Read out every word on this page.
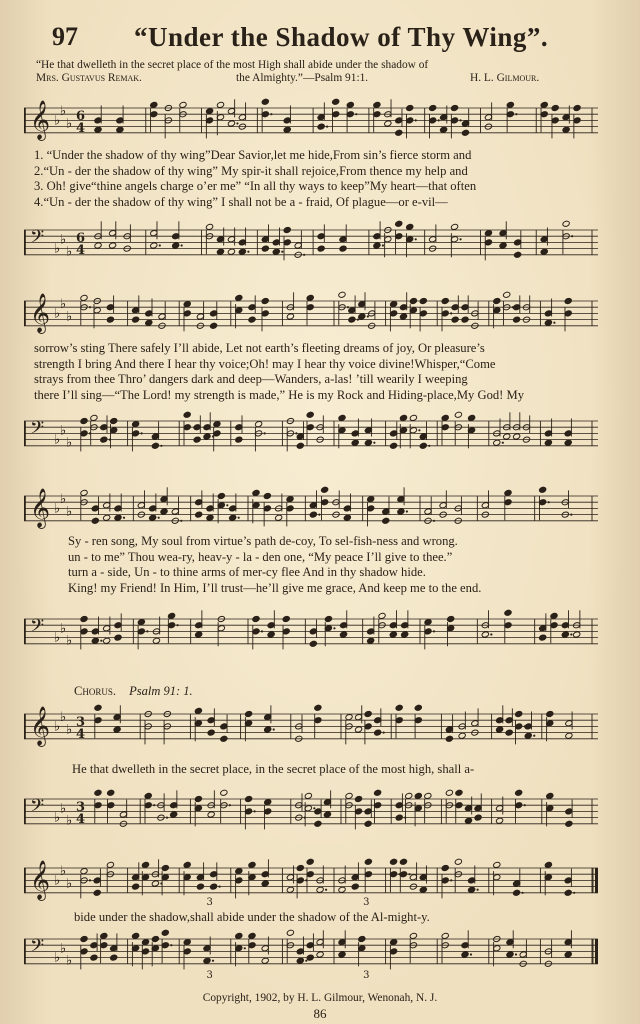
97 “Under the Shadow of Thy Wing”.
“He that dwelleth in the secret place of the most High shall abide under the shadow of
Mrs. Gustavus Remak.	the Almighty.”—Psalm 91:1.	H. L. Gilmour.
𝄞 ♭
♭
♭
6
4
1. “Under the shadow of thy wing”Dear Savior,let me hide,From sin’s fierce storm and
2.“Un - der the shadow of thy wing” My spir-it shall rejoice,From thence my help and
3. Oh! give“thine angels charge o’er me” “In all thy ways to keep”My heart—that often
4.“Un - der the shadow of thy wing” I shall not be a - fraid, Of plague—or e-vil—
𝄢 ♭
♭
♭
6
4
𝄞 ♭
♭
♭
sorrow’s sting There safely I’ll abide, Let not earth’s fleeting dreams of joy, Or pleasure’s
strength I bring And there I hear thy voice;Oh! may I hear thy voice divine!Whisper,“Come
strays from thee Thro’ dangers dark and deep—Wanders, a-las! ’till wearily I weeping
there I’ll sing—“The Lord! my strength is made,” He is my Rock and Hiding-place,My God! My
𝄢 ♭
♭
♭
𝄞 ♭
♭
♭
Sy - ren song, My soul from virtue’s path de-coy, To sel-fish-ness and wrong.
un - to me” Thou wea-ry, heav-y - la - den one, “My peace I’ll give to thee.”
turn a - side, Un - to thine arms of mer-cy flee And in thy shadow hide.
King! my Friend! In Him, I’ll trust—he’ll give me grace, And keep me to the end.
𝄢 ♭
♭
♭
Chorus. Psalm 91: 1.
𝄞 ♭
♭
♭
3
4
He that dwelleth in the secret place, in the secret place of the most high, shall a-
𝄢 ♭
♭
♭
3
4
𝄞 ♭
♭
♭
3	3
bide under the shadow,shall abide under the shadow of the Al-might-y.
𝄢 ♭
♭
♭
3	3
Copyright, 1902, by H. L. Gilmour, Wenonah, N. J.
86
